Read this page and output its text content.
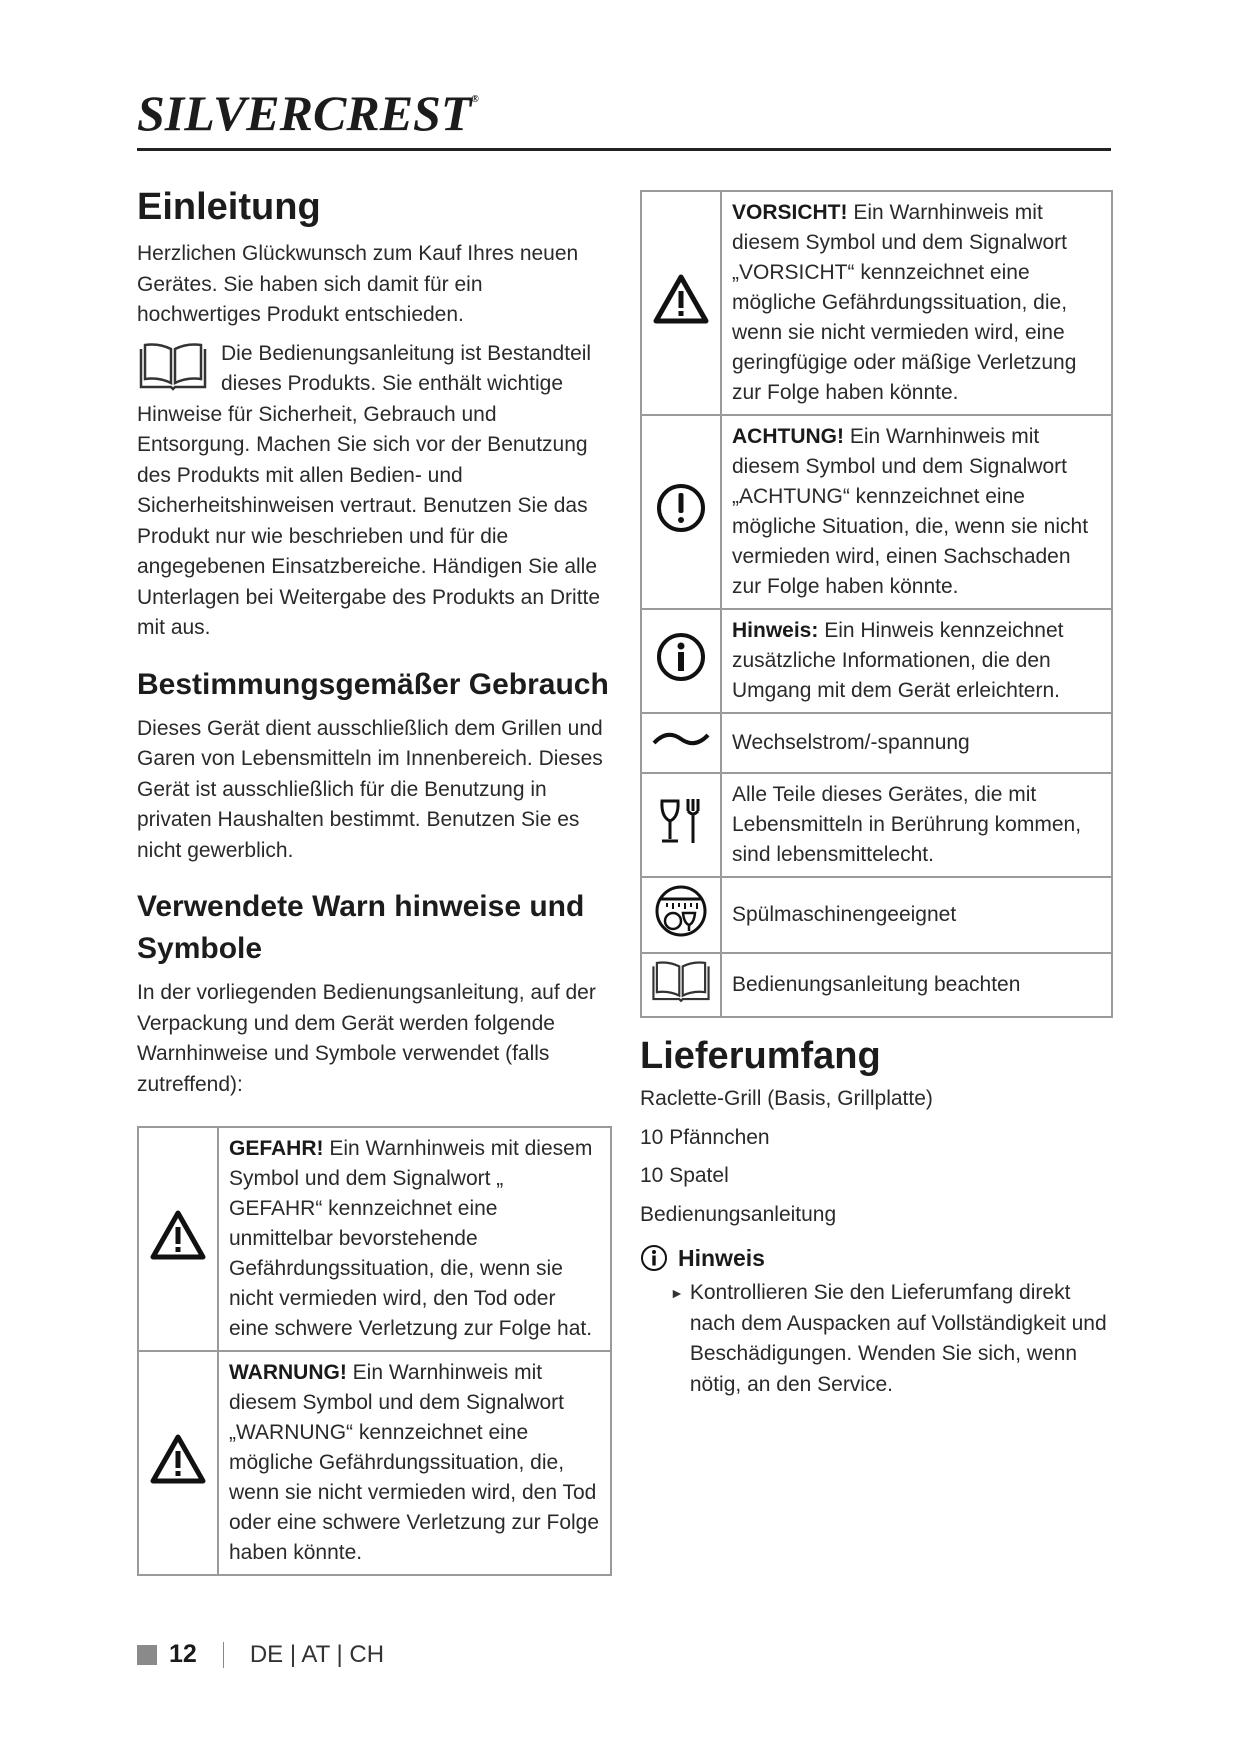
SILVERCREST®
Einleitung

Herzlichen Glückwunsch zum Kauf Ihres neuen Gerätes. Sie haben sich damit für ein hochwertiges Produkt entschieden.

Die Bedienungsanleitung ist Bestandteil dieses Produkts. Sie enthält wichtige Hinweise für Sicherheit, Gebrauch und Entsorgung. Machen Sie sich vor der Benutzung des Produkts mit allen Bedien- und Sicherheitshinweisen vertraut. Benutzen Sie das Produkt nur wie beschrieben und für die angegebenen Einsatzbereiche. Händigen Sie alle Unterlagen bei Weitergabe des Produkts an Dritte mit aus.

Bestimmungsgemäßer Gebrauch

Dieses Gerät dient ausschließlich dem Grillen und Garen von Lebensmitteln im Innenbereich. Dieses Gerät ist ausschließlich für die Benutzung in privaten Haushalten bestimmt. Benutzen Sie es nicht gewerblich.

Verwendete Warn hinweise und Symbole

In der vorliegenden Bedienungsanleitung, auf der Verpackung und dem Gerät werden folgende Warnhinweise und Symbole verwendet (falls zutreffend):

	GEFAHR! Ein Warnhinweis mit diesem Symbol und dem Signalwort „ GEFAHR“ kennzeichnet eine unmittelbar bevorstehende Gefährdungssituation, die, wenn sie nicht vermieden wird, den Tod oder eine schwere Verletzung zur Folge hat.
	WARNUNG! Ein Warnhinweis mit diesem Symbol und dem Signalwort „WARNUNG“ kennzeichnet eine mögliche Gefährdungssituation, die, wenn sie nicht vermieden wird, den Tod oder eine schwere Verletzung zur Folge haben könnte.
	VORSICHT! Ein Warnhinweis mit diesem Symbol und dem Signalwort „VORSICHT“ kennzeichnet eine mögliche Gefährdungssituation, die, wenn sie nicht vermieden wird, eine geringfügige oder mäßige Verletzung zur Folge haben könnte.
	ACHTUNG! Ein Warnhinweis mit diesem Symbol und dem Signalwort „ACHTUNG“ kennzeichnet eine mögliche Situation, die, wenn sie nicht vermieden wird, einen Sachschaden zur Folge haben könnte.
	Hinweis: Ein Hinweis kennzeichnet zusätzliche Informationen, die den Umgang mit dem Gerät erleichtern.
	Wechselstrom/-spannung
	Alle Teile dieses Gerätes, die mit Lebensmitteln in Berührung kommen, sind lebensmittelecht.
	Spülmaschinengeeignet
	Bedienungsanleitung beachten
Lieferumfang

Raclette-Grill (Basis, Grillplatte)

10 Pfännchen

10 Spatel

Bedienungsanleitung

Hinweis
► Kontrollieren Sie den Lieferumfang direkt nach dem Auspacken auf Vollständigkeit und Beschädigungen. Wenden Sie sich, wenn nötig, an den Service.

12 DE | AT | CH
